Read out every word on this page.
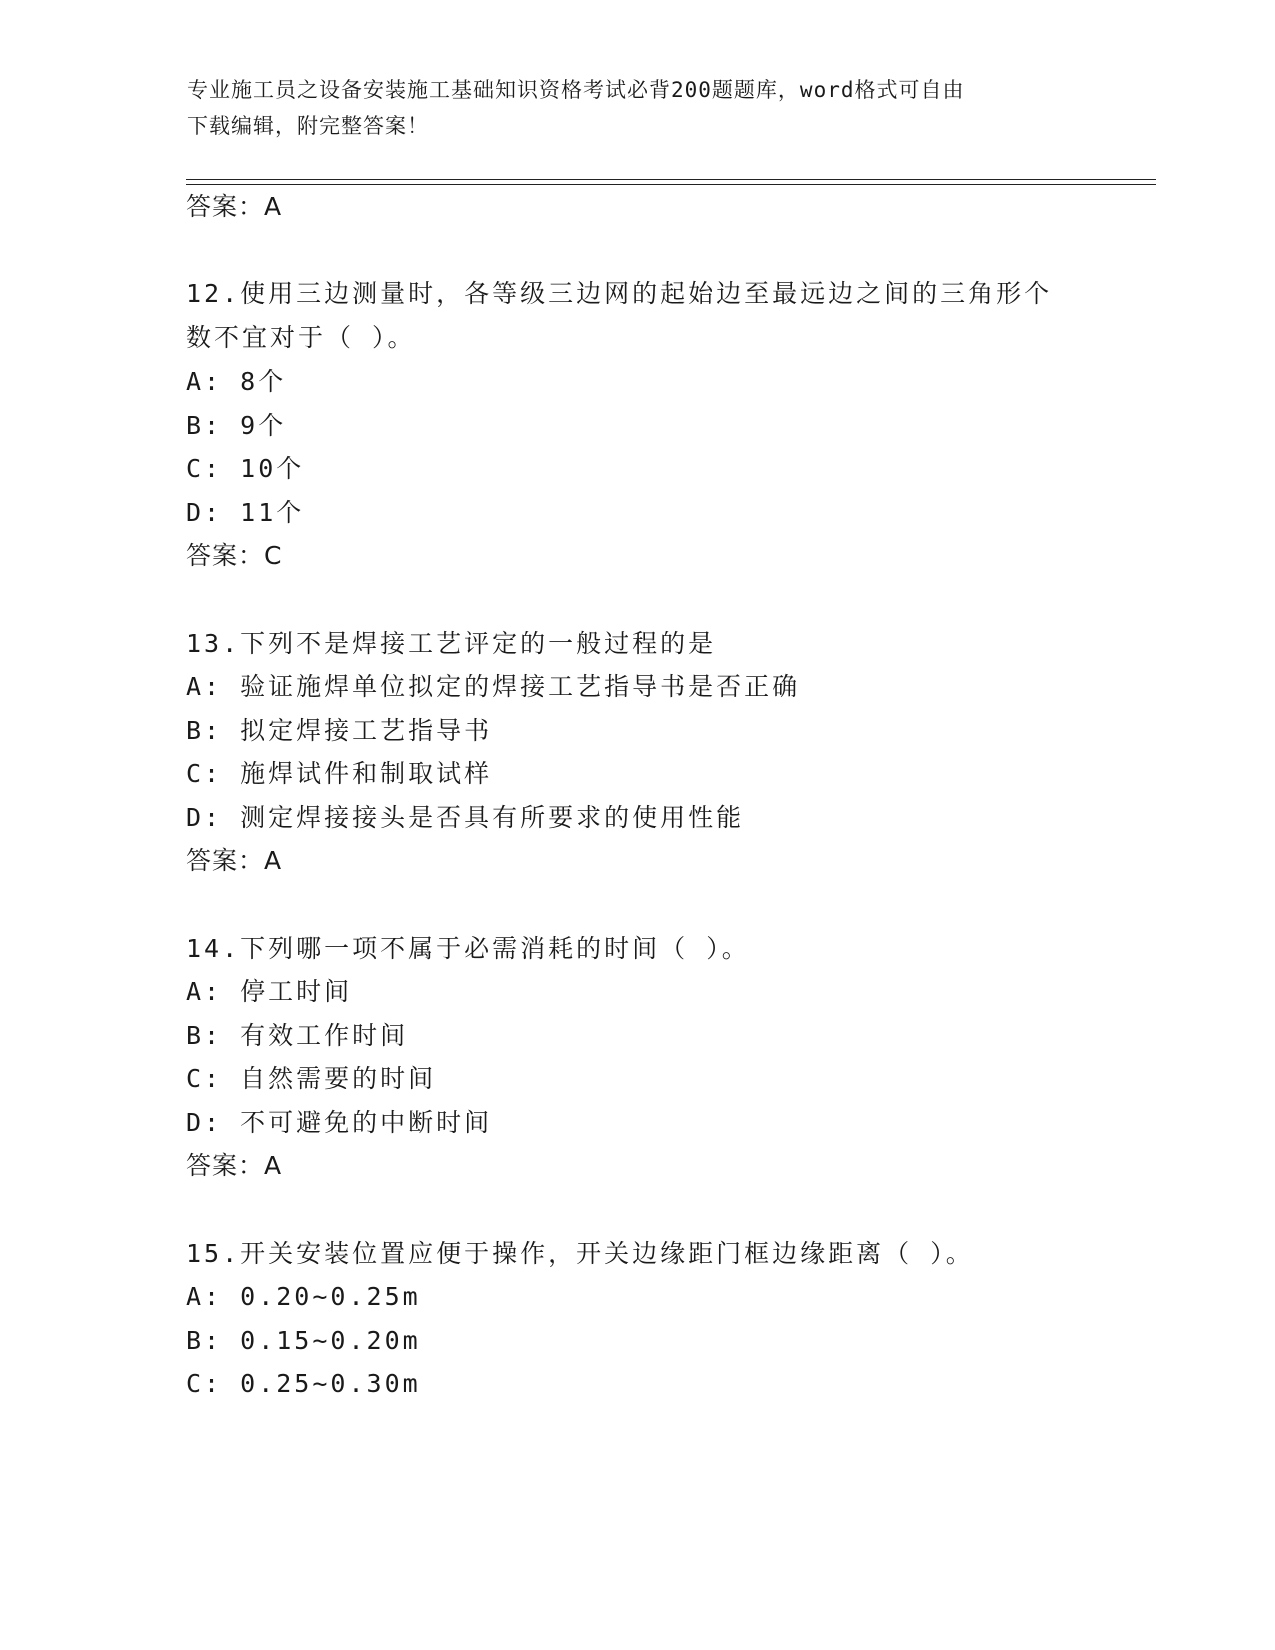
专业施工员之设备安装施工基础知识资格考试必背200题题库，word格式可自由
下载编辑，附完整答案！
答案：A
12.使用三边测量时，各等级三边网的起始边至最远边之间的三角形个
数不宜对于（ ）。
A: 8个
B: 9个
C: 10个
D: 11个
答案：C
13.下列不是焊接工艺评定的一般过程的是
A: 验证施焊单位拟定的焊接工艺指导书是否正确
B: 拟定焊接工艺指导书
C: 施焊试件和制取试样
D: 测定焊接接头是否具有所要求的使用性能
答案：A
14.下列哪一项不属于必需消耗的时间（ ）。
A: 停工时间
B: 有效工作时间
C: 自然需要的时间
D: 不可避免的中断时间
答案：A
15.开关安装位置应便于操作，开关边缘距门框边缘距离（ ）。
A: 0.20~0.25m
B: 0.15~0.20m
C: 0.25~0.30m
